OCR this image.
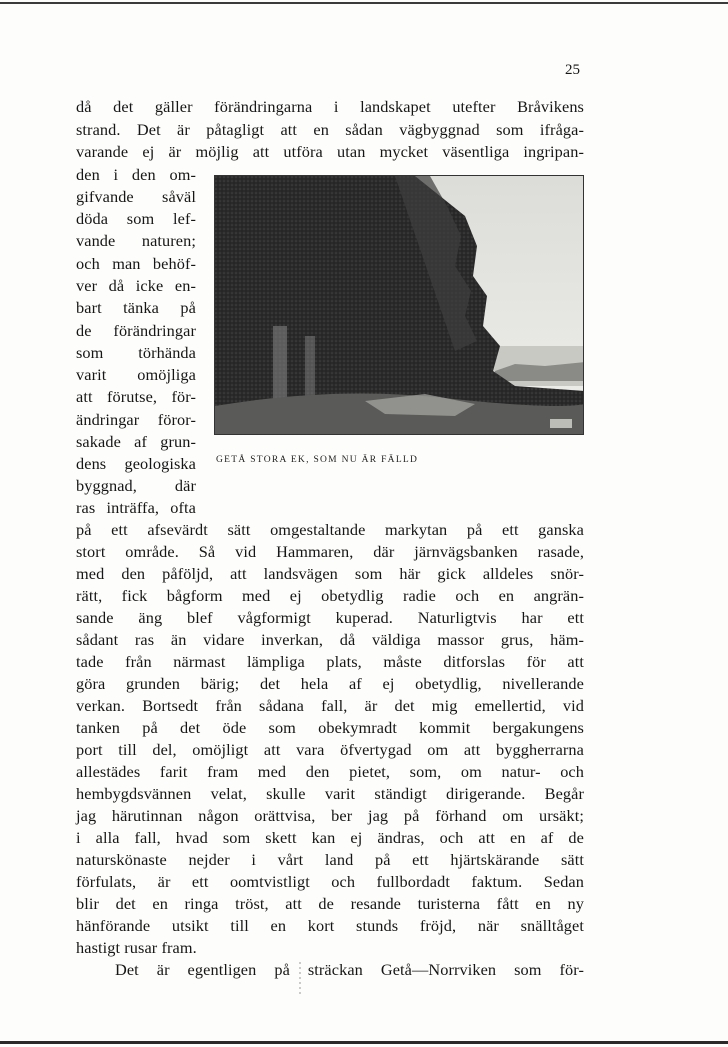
25
då det gäller förändringarna i landskapet utefter Bråvikens
strand. Det är påtagligt att en sådan vägbyggnad som ifråga-
varande ej är möjlig att utföra utan mycket väsentliga ingripan-
den i den om-
gifvande såväl
döda som lef-
vande naturen;
och man behöf-
ver då icke en-
bart tänka på
de förändringar
som törhända
varit omöjliga
att förutse, för-
ändringar föror-
sakade af grun-
dens geologiska
byggnad, där
ras inträffa, ofta
på ett afsevärdt sätt omgestaltande markytan på ett ganska
stort område. Så vid Hammaren, där järnvägsbanken rasade,
med den påföljd, att landsvägen som här gick alldeles snör-
rätt, fick bågform med ej obetydlig radie och en angrän-
sande äng blef vågformigt kuperad. Naturligtvis har ett
sådant ras än vidare inverkan, då väldiga massor grus, häm-
tade från närmast lämpliga plats, måste ditforslas för att
göra grunden bärig; det hela af ej obetydlig, nivellerande
verkan. Bortsedt från sådana fall, är det mig emellertid, vid
tanken på det öde som obekymradt kommit bergakungens
port till del, omöjligt att vara öfvertygad om att byggherrarna
allestädes farit fram med den pietet, som, om natur- och
hembygdsvännen velat, skulle varit ständigt dirigerande. Begår
jag härutinnan någon orättvisa, ber jag på förhand om ursäkt;
i alla fall, hvad som skett kan ej ändras, och att en af de
naturskönaste nejder i vårt land på ett hjärtskärande sätt
förfulats, är ett oomtvistligt och fullbordadt faktum. Sedan
blir det en ringa tröst, att de resande turisterna fått en ny
hänförande utsikt till en kort stunds fröjd, när snälltåget
hastigt rusar fram.
Det är egentligen på sträckan Getå—Norrviken som för-
GETÅ STORA EK, SOM NU ÄR FÄLLD
